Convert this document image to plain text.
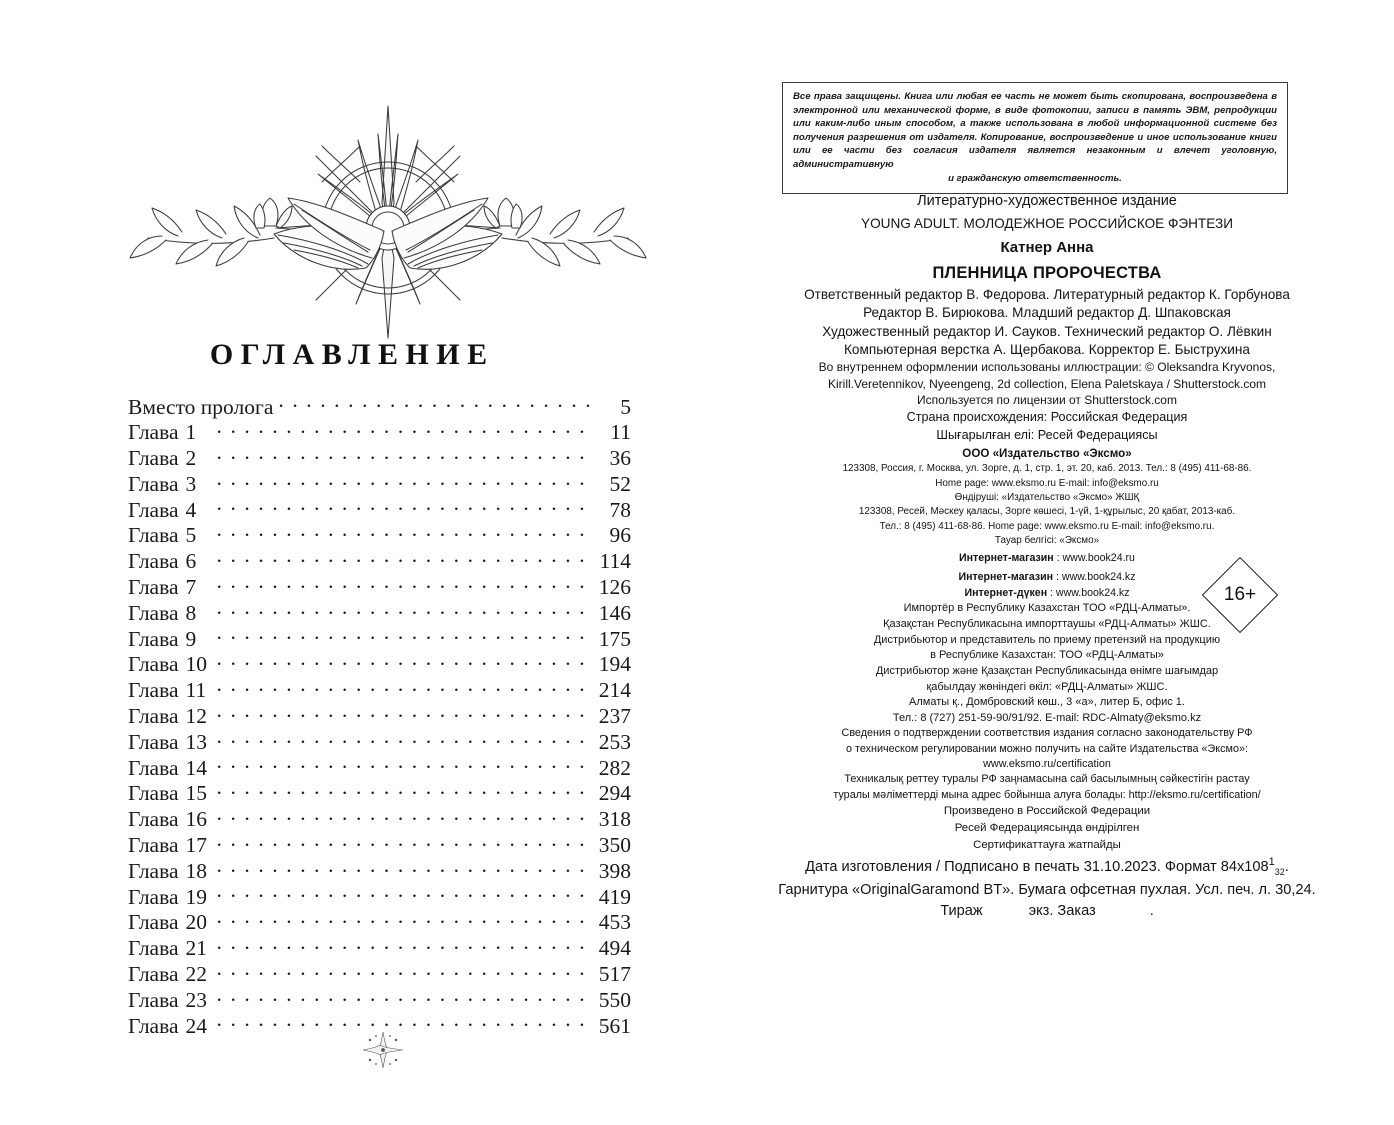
ОГЛАВЛЕНИЕ
Вместо пролога . . .	5
Глава 1 . . .	11
Глава 2 . . .	36
Глава 3 . . .	52
Глава 4 . . .	78
Глава 5 . . .	96
Глава 6 . . .	114
Глава 7 . . .	126
Глава 8 . . .	146
Глава 9 . . .	175
Глава 10 . . .	194
Глава 11 . . .	214
Глава 12 . . .	237
Глава 13 . . .	253
Глава 14 . . .	282
Глава 15 . . .	294
Глава 16 . . .	318
Глава 17 . . .	350
Глава 18 . . .	398
Глава 19 . . .	419
Глава 20 . . .	453
Глава 21 . . .	494
Глава 22 . . .	517
Глава 23 . . .	550
Глава 24 . . .	561
Все права защищены. Книга или любая ее часть не может быть скопирована, воспроизведена в электронной или механической форме, в виде фотокопии, записи в память ЭВМ, репродукции или каким-либо иным способом, а также использована в любой информационной системе без получения разрешения от издателя. Копирование, воспроизведение и иное использование книги или ее части без согласия издателя является незаконным и влечет уголовную, административную
и гражданскую ответственность.
Литературно-художественное издание
YOUNG ADULT. МОЛОДЕЖНОЕ РОССИЙСКОЕ ФЭНТЕЗИ
Катнер Анна
ПЛЕННИЦА ПРОРОЧЕСТВА
Ответственный редактор В. Федорова. Литературный редактор К. Горбунова
Редактор В. Бирюкова. Младший редактор Д. Шпаковская
Художественный редактор И. Сауков. Технический редактор О. Лёвкин
Компьютерная верстка А. Щербакова. Корректор Е. Быструхина
Во внутреннем оформлении использованы иллюстрации: © Oleksandra Kryvonos,
Kirill.Veretennikov, Nyeengeng, 2d collection, Elena Paletskaya / Shutterstock.com
Используется по лицензии от Shutterstock.com
Страна происхождения: Российская Федерация
Шығарылған елі: Ресей Федерациясы
ООО «Издательство «Эксмо»
123308, Россия, г. Москва, ул. Зорге, д. 1, стр. 1, эт. 20, каб. 2013. Тел.: 8 (495) 411-68-86.
Home page: www.eksmo.ru E-mail: info@eksmo.ru
Өндіруші: «Издательство «Эксмо» ЖШҚ
123308, Ресей, Мәскеу қаласы, Зорге көшесі, 1-үй, 1-құрылыс, 20 қабат, 2013-каб.
Тел.: 8 (495) 411-68-86. Home page: www.eksmo.ru E-mail: info@eksmo.ru.
Тауар белгісі: «Эксмо»
Интернет-магазин : www.book24.ru
Интернет-магазин : www.book24.kz
Интернет-дүкен : www.book24.kz
Импортёр в Республику Казахстан ТОО «РДЦ-Алматы».
Қазақстан Республикасына импорттаушы «РДЦ-Алматы» ЖШС.
Дистрибьютор и представитель по приему претензий на продукцию
в Республике Казахстан: ТОО «РДЦ-Алматы»
Дистрибьютор және Қазақстан Республикасында өнімге шағымдар
қабылдау жөніндегі өкіл: «РДЦ-Алматы» ЖШС.
Алматы қ., Домбровский көш., 3 «а», литер Б, офис 1.
Тел.: 8 (727) 251-59-90/91/92. E-mail: RDC-Almaty@eksmo.kz
Сведения о подтверждении соответствия издания согласно законодательству РФ
о техническом регулировании можно получить на сайте Издательства «Эксмо»:
www.eksmo.ru/certification
Техникалық реттеу туралы РФ заңнамасына сай басылымның сәйкестігін растау
туралы мәліметтерді мына адрес бойынша алуға болады: http://eksmo.ru/certification/
Произведено в Российской Федерации
Ресей Федерациясында өндірілген
Сертификаттауға жатпайды
Дата изготовления / Подписано в печать 31.10.2023. Формат $84x108^1_{32}$.
Гарнитура «OriginalGaramond BT». Бумага офсетная пухлая. Усл. печ. л. 30,24.
Тираж	экз. Заказ	.
16+
